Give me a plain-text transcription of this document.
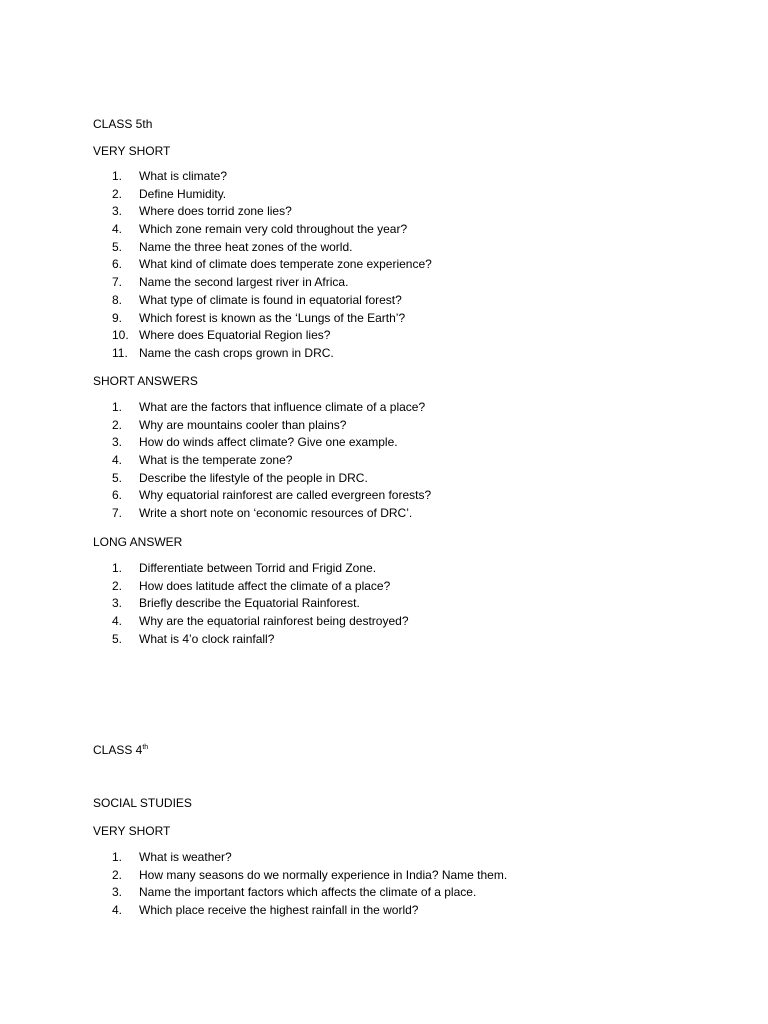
CLASS 5th

VERY SHORT

1. What is climate?
2. Define Humidity.
3. Where does torrid zone lies?
4. Which zone remain very cold throughout the year?
5. Name the three heat zones of the world.
6. What kind of climate does temperate zone experience?
7. Name the second largest river in Africa.
8. What type of climate is found in equatorial forest?
9. Which forest is known as the ‘Lungs of the Earth’?
10. Where does Equatorial Region lies?
11. Name the cash crops grown in DRC.

SHORT ANSWERS

1. What are the factors that influence climate of a place?
2. Why are mountains cooler than plains?
3. How do winds affect climate? Give one example.
4. What is the temperate zone?
5. Describe the lifestyle of the people in DRC.
6. Why equatorial rainforest are called evergreen forests?
7. Write a short note on ‘economic resources of DRC’.

LONG ANSWER

1. Differentiate between Torrid and Frigid Zone.
2. How does latitude affect the climate of a place?
3. Briefly describe the Equatorial Rainforest.
4. Why are the equatorial rainforest being destroyed?
5. What is 4’o clock rainfall?

CLASS 4th

SOCIAL STUDIES

VERY SHORT

1. What is weather?
2. How many seasons do we normally experience in India? Name them.
3. Name the important factors which affects the climate of a place.
4. Which place receive the highest rainfall in the world?
